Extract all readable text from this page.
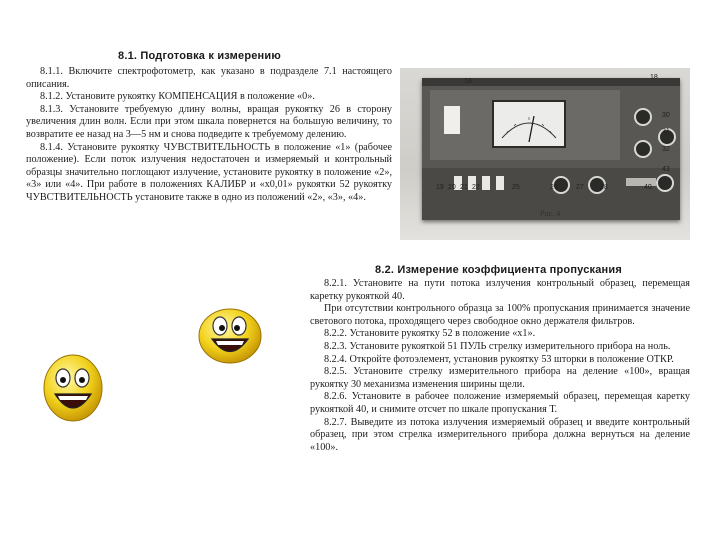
8.1. Подготовка к измерению

8.1.1. Включите спектрофотометр, как указано в подразделе 7.1 настоящего описания.

8.1.2. Установите рукоятку КОМПЕНСАЦИЯ в положение «0».

8.1.3. Установите требуемую длину волны, вращая рукоятку 26 в сторону увеличения длин волн. Если при этом шкала повернется на большую величину, то возвратите ее назад на 3—5 нм и снова подведите к требуемому делению.

8.1.4. Установите рукоятку ЧУВСТВИТЕЛЬНОСТЬ в положение «1» (рабочее положение). Если поток излучения недостаточен и измеряемый и контрольный образцы значительно поглощают излучение, установите рукоятку в положение «2», «3» или «4». При работе в положениях КАЛИБР и «x0,01» рукоятки 52 рукоятку ЧУВСТВИТЕЛЬНОСТЬ установите также в одно из положений «2», «3», «4».

16
18
19 20 21 22	25	26	27 28
30
31
32
40
43
Рис. 4
8.2. Измерение коэффициента пропускания

8.2.1. Установите на пути потока излучения контрольный образец, перемещая каретку рукояткой 40.

При отсутствии контрольного образца за 100% пропускания принимается значение светового потока, проходящего через свободное окно держателя фильтров.

8.2.2. Установите рукоятку 52 в положение «x1».

8.2.3. Установите рукояткой 51 ПУЛЬ стрелку измерительного прибора на ноль.

8.2.4. Откройте фотоэлемент, установив рукоятку 53 шторки в положение ОТКР.

8.2.5. Установите стрелку измерительного прибора на деление «100», вращая рукоятку 30 механизма изменения ширины щели.

8.2.6. Установите в рабочее положение измеряемый образец, перемещая каретку рукояткой 40, и снимите отсчет по шкале пропускания Т.

8.2.7. Выведите из потока излучения измеряемый образец и введите контрольный образец, при этом стрелка измерительного прибора должна вернуться на деление «100».
